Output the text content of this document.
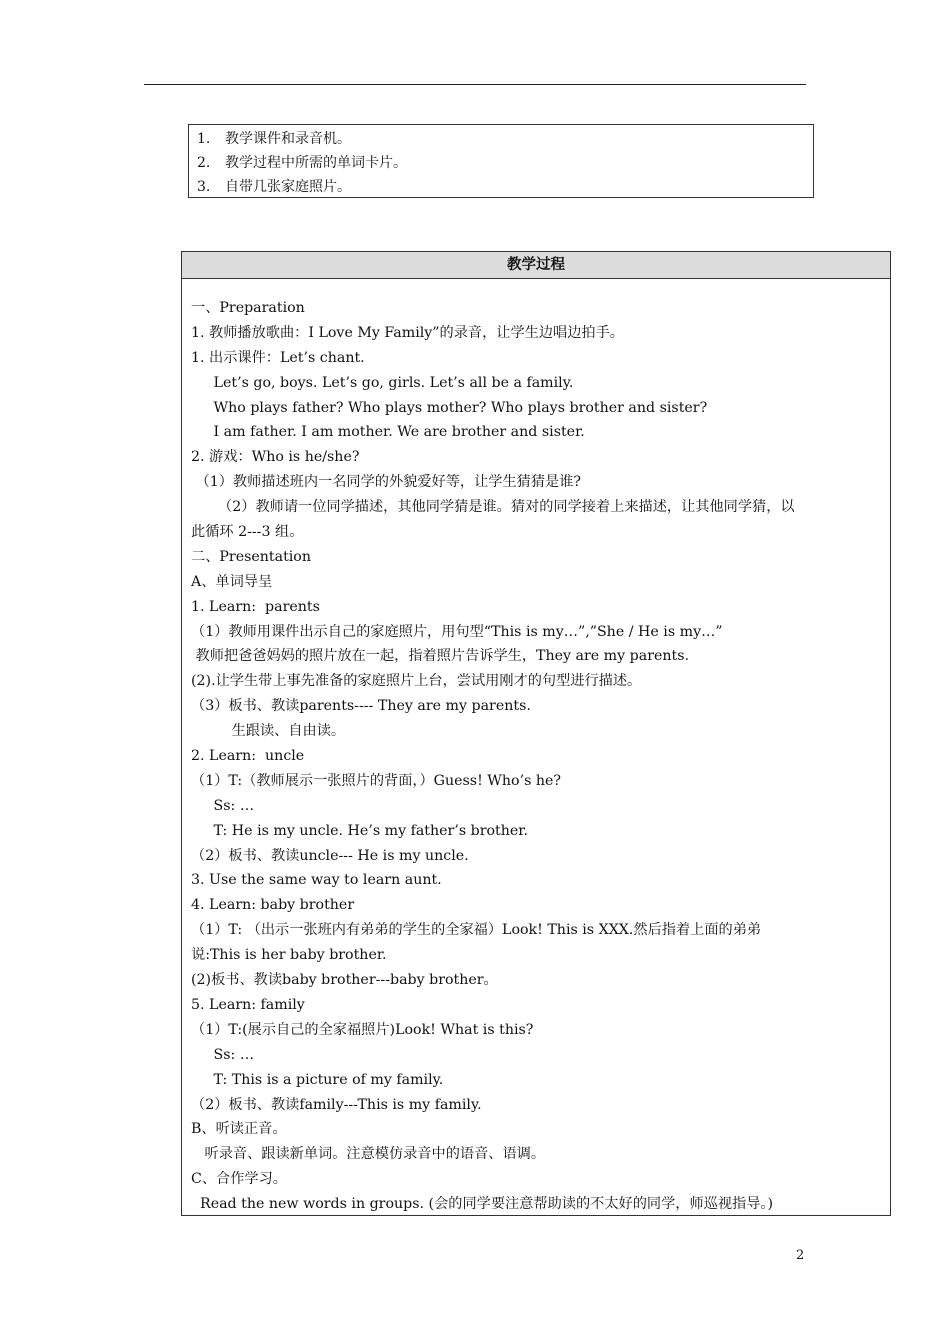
1. 教学课件和录音机。
2. 教学过程中所需的单词卡片。
3. 自带几张家庭照片。
教学过程
一、Preparation
1. 教师播放歌曲：I Love My Family”的录音，让学生边唱边拍手。
1. 出示课件：Let’s chant.
Let’s go, boys. Let’s go, girls. Let’s all be a family.
Who plays father? Who plays mother? Who plays brother and sister?
I am father. I am mother. We are brother and sister.
2. 游戏：Who is he/she?
（1）教师描述班内一名同学的外貌爱好等，让学生猜猜是谁?
（2）教师请一位同学描述，其他同学猜是谁。猜对的同学接着上来描述，让其他同学猜，以
此循环 2---3 组。
二、Presentation
A、单词导呈
1. Learn:  parents
（1）教师用课件出示自己的家庭照片，用句型“This is my…”,”She / He is my…”
教师把爸爸妈妈的照片放在一起，指着照片告诉学生，They are my parents.
(2).让学生带上事先准备的家庭照片上台，尝试用刚才的句型进行描述。
（3）板书、教读parents---- They are my parents.
生跟读、自由读。
2. Learn:  uncle
（1）T:（教师展示一张照片的背面，）Guess! Who’s he?
Ss: …
T: He is my uncle. He’s my father’s brother.
（2）板书、教读uncle--- He is my uncle.
3. Use the same way to learn aunt.
4. Learn: baby brother
（1）T: （出示一张班内有弟弟的学生的全家福）Look! This is XXX.然后指着上面的弟弟
说:This is her baby brother.
(2)板书、教读baby brother---baby brother。
5. Learn: family
（1）T:(展示自己的全家福照片)Look! What is this?
Ss: …
T: This is a picture of my family.
（2）板书、教读family---This is my family.
B、听读正音。
听录音、跟读新单词。注意模仿录音中的语音、语调。
C、合作学习。
Read the new words in groups. (会的同学要注意帮助读的不太好的同学，师巡视指导。)
2
